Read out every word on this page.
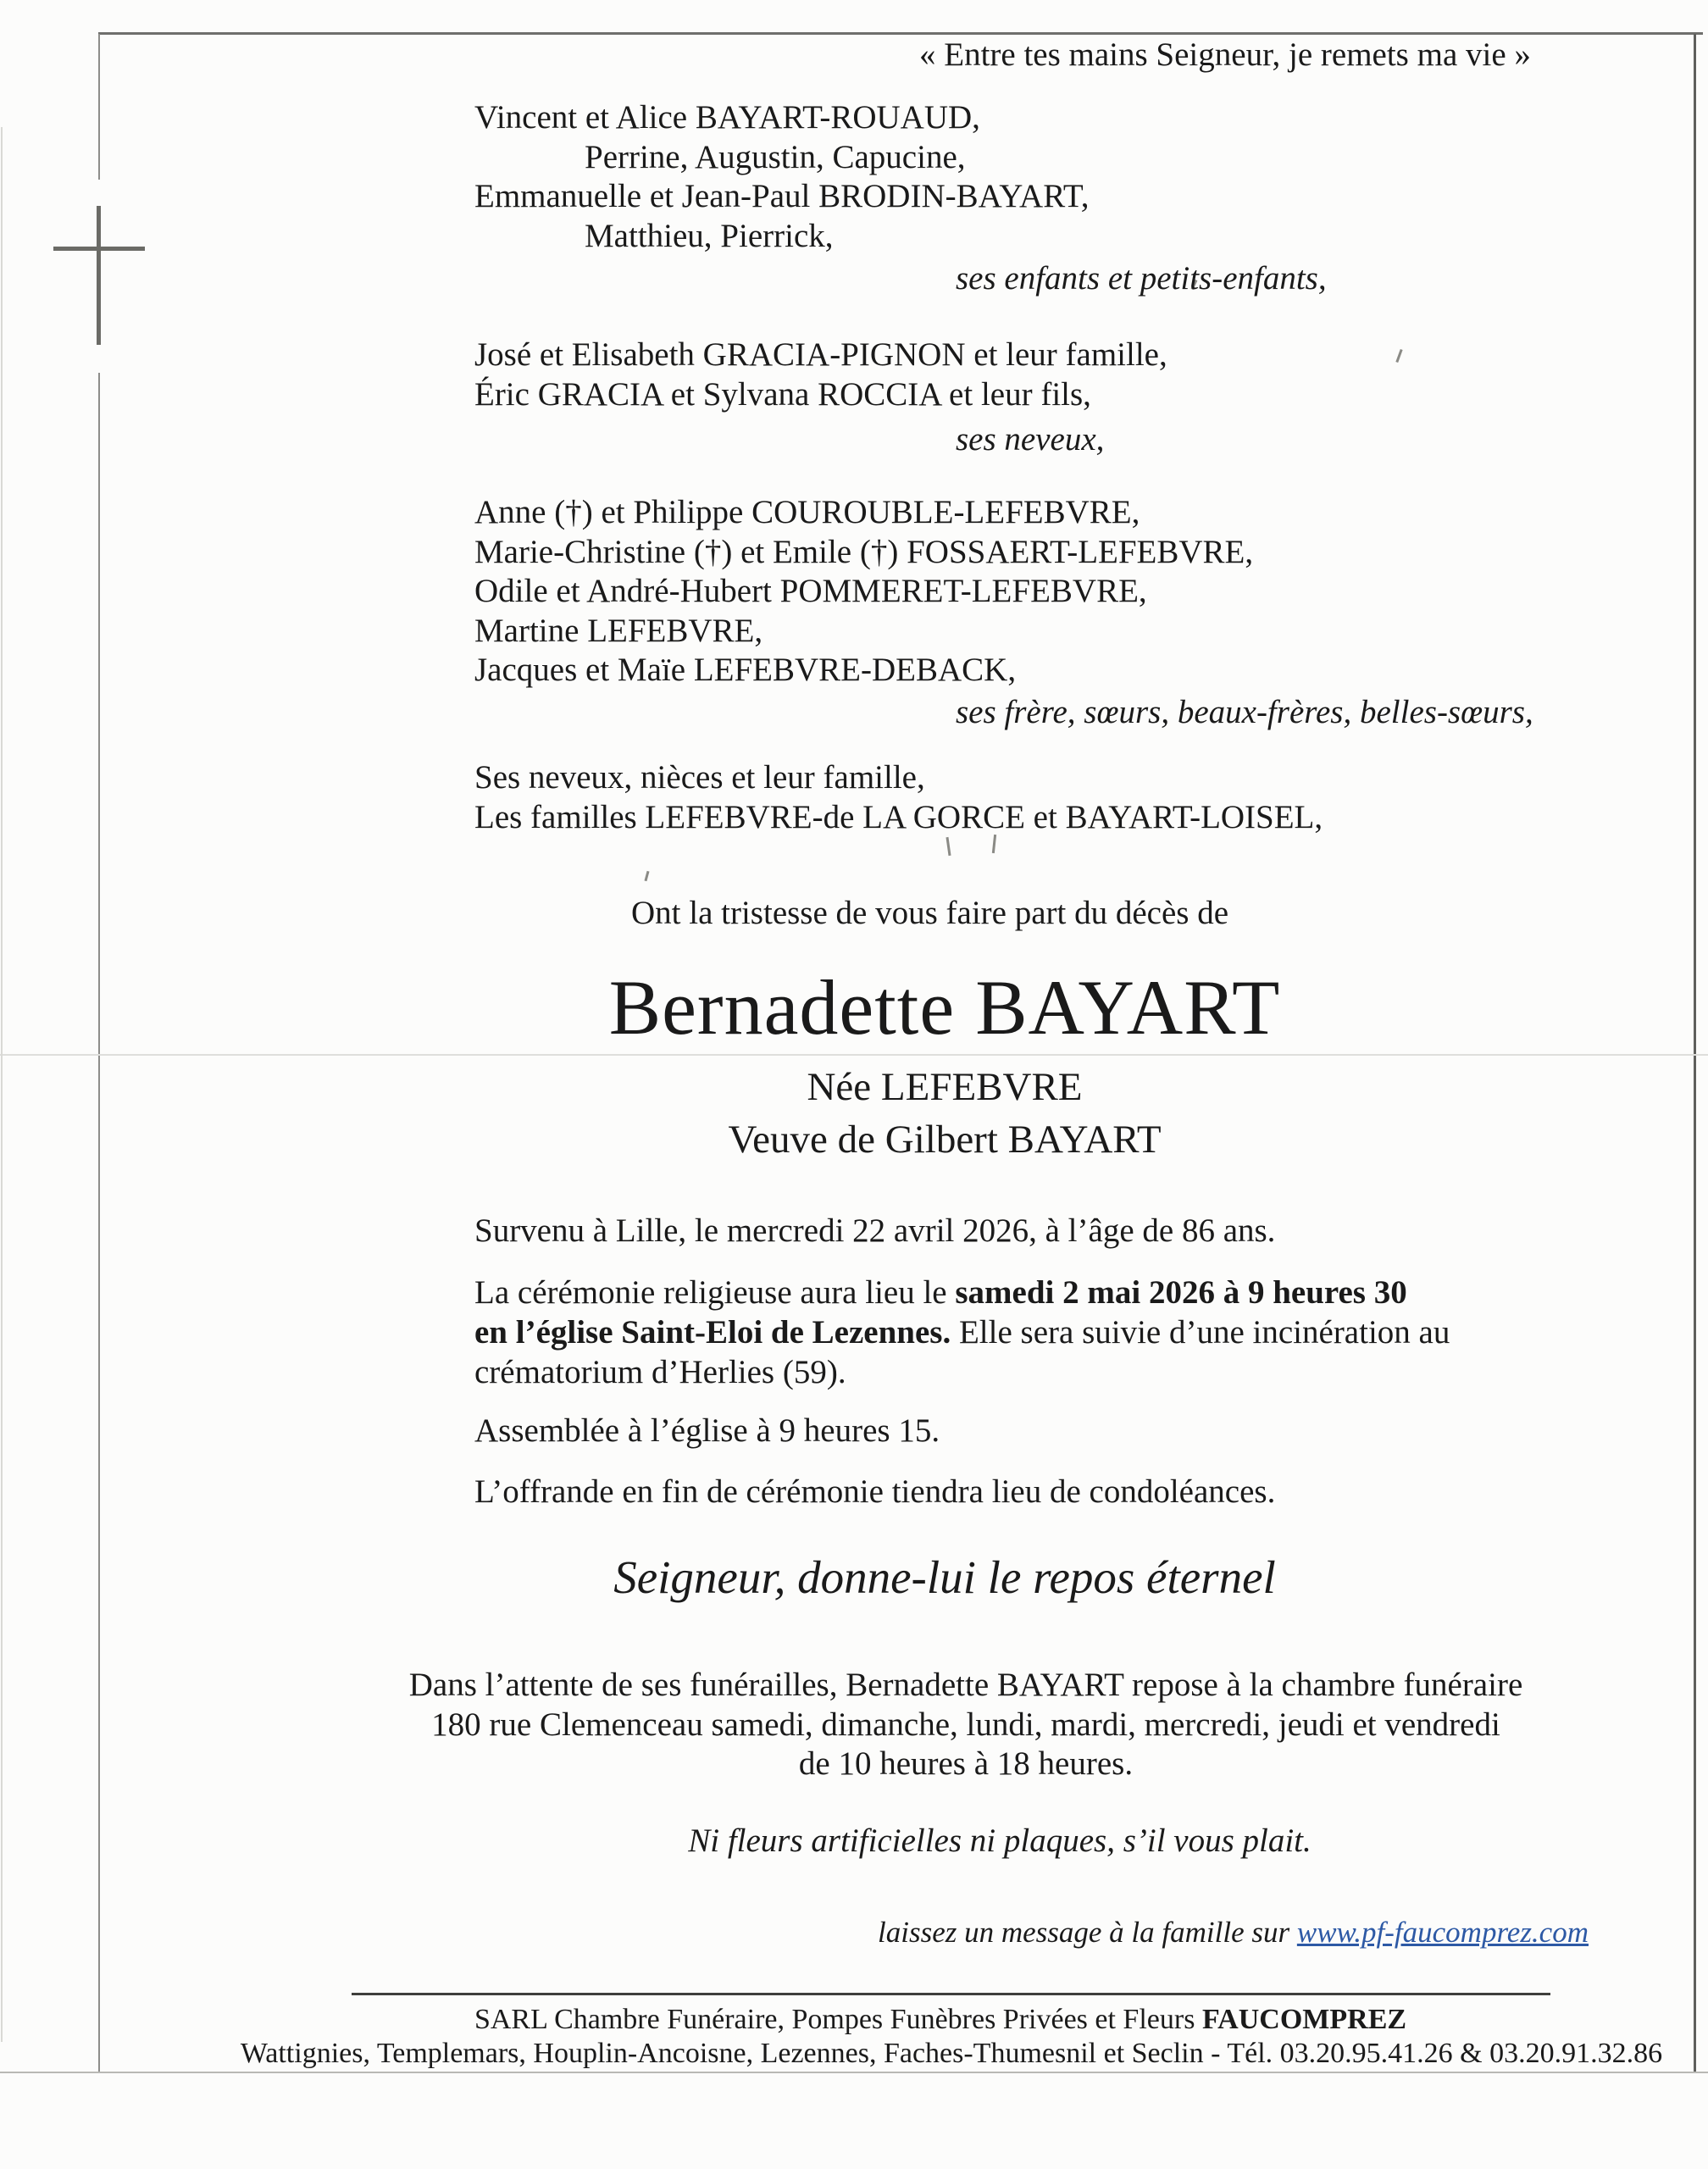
« Entre tes mains Seigneur, je remets ma vie »
Vincent et Alice BAYART-ROUAUD,
Perrine, Augustin, Capucine,
Emmanuelle et Jean-Paul BRODIN-BAYART,
Matthieu, Pierrick,
ses enfants et petits-enfants,
José et Elisabeth GRACIA-PIGNON et leur famille,
Éric GRACIA et Sylvana ROCCIA et leur fils,
ses neveux,
Anne (†) et Philippe COUROUBLE-LEFEBVRE,
Marie-Christine (†) et Emile (†) FOSSAERT-LEFEBVRE,
Odile et André-Hubert POMMERET-LEFEBVRE,
Martine LEFEBVRE,
Jacques et Maïe LEFEBVRE-DEBACK,
ses frère, sœurs, beaux-frères, belles-sœurs,
Ses neveux, nièces et leur famille,
Les familles LEFEBVRE-de LA GORCE et BAYART-LOISEL,
Ont la tristesse de vous faire part du décès de
Bernadette BAYART
Née LEFEBVRE
Veuve de Gilbert BAYART
Survenu à Lille, le mercredi 22 avril 2026, à l’âge de 86 ans.
La cérémonie religieuse aura lieu le samedi 2 mai 2026 à 9 heures 30
en l’église Saint-Eloi de Lezennes. Elle sera suivie d’une incinération au
crématorium d’Herlies (59).
Assemblée à l’église à 9 heures 15.
L’offrande en fin de cérémonie tiendra lieu de condoléances.
Seigneur, donne-lui le repos éternel
Dans l’attente de ses funérailles, Bernadette BAYART repose à la chambre funéraire
180 rue Clemenceau samedi, dimanche, lundi, mardi, mercredi, jeudi et vendredi
de 10 heures à 18 heures.
Ni fleurs artificielles ni plaques, s’il vous plait.
laissez un message à la famille sur www.pf-faucomprez.com
SARL Chambre Funéraire, Pompes Funèbres Privées et Fleurs FAUCOMPREZ
Wattignies, Templemars, Houplin-Ancoisne, Lezennes, Faches-Thumesnil et Seclin - Tél. 03.20.95.41.26 & 03.20.91.32.86
